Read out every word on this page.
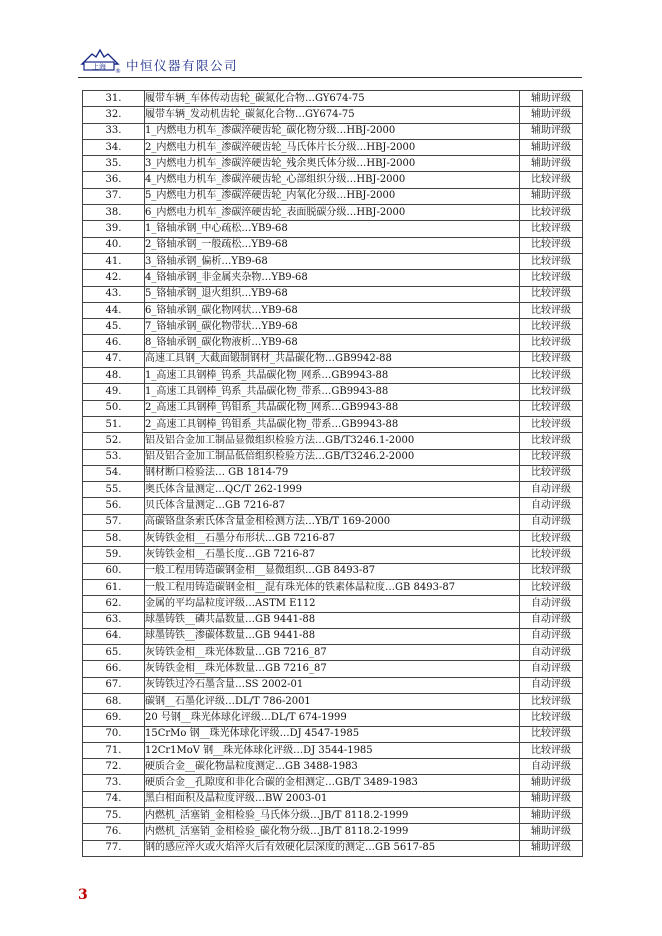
上海
® 中恒仪器有限公司
31.	履带车辆_车体传动齿轮_碳氮化合物…GY674-75	辅助评级
32.	履带车辆_发动机齿轮_碳氮化合物…GY674-75	辅助评级
33.	1_内燃电力机车_渗碳淬硬齿轮_碳化物分级…HBJ-2000	辅助评级
34.	2_内燃电力机车_渗碳淬硬齿轮_马氏体片长分级…HBJ-2000	辅助评级
35.	3_内燃电力机车_渗碳淬硬齿轮_残余奥氏体分级…HBJ-2000	辅助评级
36.	4_内燃电力机车_渗碳淬硬齿轮_心部组织分级…HBJ-2000	比较评级
37.	5_内燃电力机车_渗碳淬硬齿轮_内氧化分级…HBJ-2000	辅助评级
38.	6_内燃电力机车_渗碳淬硬齿轮_表面脱碳分级…HBJ-2000	比较评级
39.	1_铬轴承钢_中心疏松…YB9-68	比较评级
40.	2_铬轴承钢_一般疏松…YB9-68	比较评级
41.	3_铬轴承钢_偏析…YB9-68	比较评级
42.	4_铬轴承钢_非金属夹杂物…YB9-68	比较评级
43.	5_铬轴承钢_退火组织…YB9-68	比较评级
44.	6_铬轴承钢_碳化物网状…YB9-68	比较评级
45.	7_铬轴承钢_碳化物带状…YB9-68	比较评级
46.	8_铬轴承钢_碳化物液析…YB9-68	比较评级
47.	高速工具钢_大截面锻制钢材_共晶碳化物…GB9942-88	比较评级
48.	1_高速工具钢棒_钨系_共晶碳化物_网系…GB9943-88	比较评级
49.	1_高速工具钢棒_钨系_共晶碳化物_带系…GB9943-88	比较评级
50.	2_高速工具钢棒_钨钼系_共晶碳化物_网系…GB9943-88	比较评级
51.	2_高速工具钢棒_钨钼系_共晶碳化物_带系…GB9943-88	比较评级
52.	铝及铝合金加工制品显微组织检验方法…GB/T3246.1-2000	比较评级
53.	铝及铝合金加工制品低倍组织检验方法…GB/T3246.2-2000	比较评级
54.	钢材断口检验法… GB 1814-79	比较评级
55.	奥氏体含量测定…QC/T 262-1999	自动评级
56.	贝氏体含量测定…GB 7216-87	自动评级
57.	高碳铬盘条索氏体含量金相检测方法…YB/T 169-2000	自动评级
58.	灰铸铁金相__石墨分布形状…GB 7216-87	比较评级
59.	灰铸铁金相__石墨长度…GB 7216-87	比较评级
60.	一般工程用铸造碳钢金相__显微组织…GB 8493-87	比较评级
61.	一般工程用铸造碳钢金相__混有珠光体的铁素体晶粒度…GB 8493-87	比较评级
62.	金属的平均晶粒度评级…ASTM E112	自动评级
63.	球墨铸铁__磷共晶数量…GB 9441-88	自动评级
64.	球墨铸铁__渗碳体数量…GB 9441-88	自动评级
65.	灰铸铁金相__珠光体数量…GB 7216_87	自动评级
66.	灰铸铁金相__珠光体数量…GB 7216_87	自动评级
67.	灰铸铁过冷石墨含量…SS 2002-01	自动评级
68.	碳钢__石墨化评级…DL/T 786-2001	比较评级
69.	20 号钢__珠光体球化评级…DL/T 674-1999	比较评级
70.	15CrMo 钢__珠光体球化评级…DJ 4547-1985	比较评级
71.	12Cr1MoV 钢__珠光体球化评级…DJ 3544-1985	比较评级
72.	硬质合金__碳化物晶粒度测定…GB 3488-1983	自动评级
73.	硬质合金__孔隙度和非化合碳的金相测定…GB/T 3489-1983	辅助评级
74.	黑白相面积及晶粒度评级…BW 2003-01	辅助评级
75.	内燃机_活塞销_金相检验_马氏体分级…JB/T 8118.2-1999	辅助评级
76.	内燃机_活塞销_金相检验_碳化物分级…JB/T 8118.2-1999	辅助评级
77.	钢的感应淬火或火焰淬火后有效硬化层深度的测定…GB 5617-85	辅助评级
3
